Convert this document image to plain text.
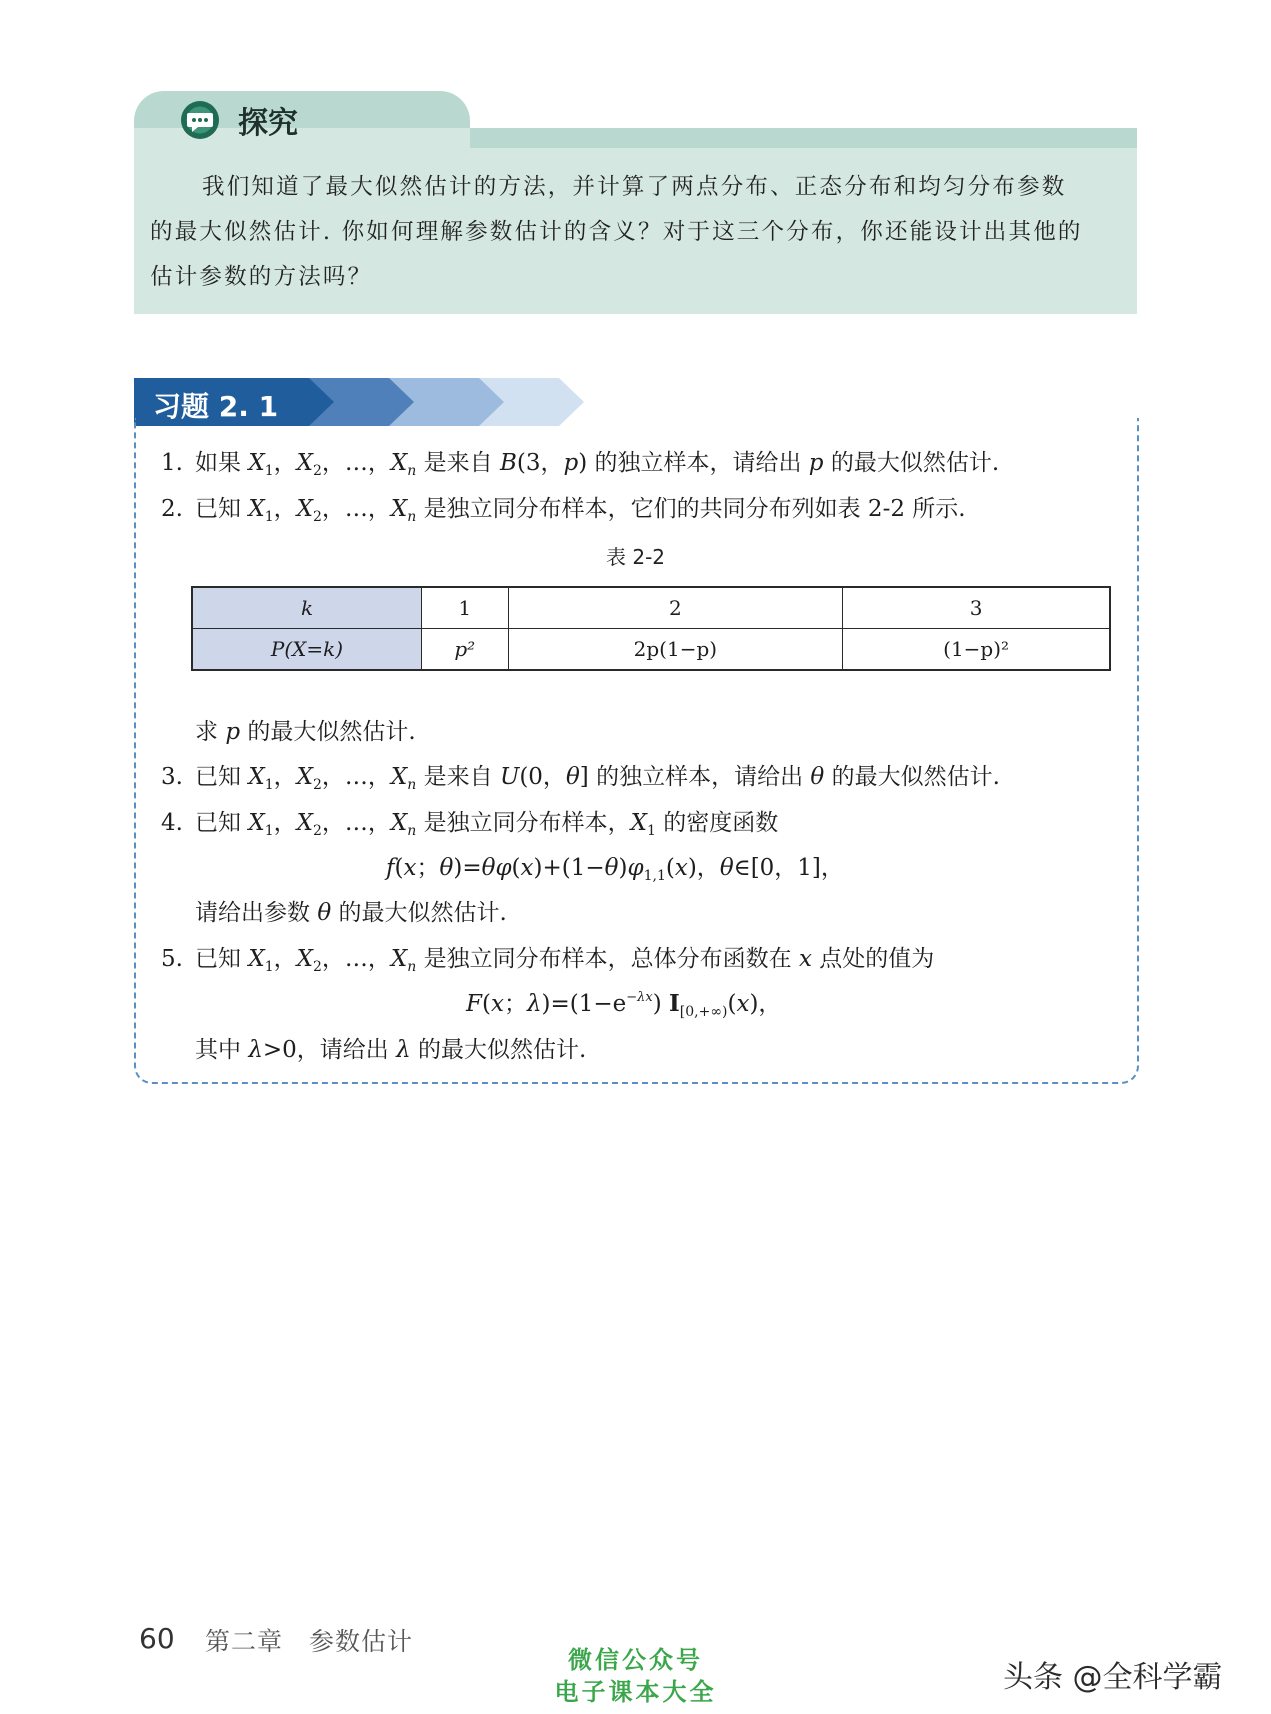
探究
我们知道了最大似然估计的方法，并计算了两点分布、正态分布和均匀分布参数
的最大似然估计. 你如何理解参数估计的含义？对于这三个分布，你还能设计出其他的
估计参数的方法吗？
习题 2. 1
1. 如果 $X_1$，$X_2$，…，$X_n$ 是来自 B(3，p) 的独立样本，请给出 p 的最大似然估计.
2. 已知 $X_1$，$X_2$，…，$X_n$ 是独立同分布样本，它们的共同分布列如表 2-2 所示.
表 2-2
k	1	2	3
P(X=k)	p²	2p(1−p)	(1−p)²
求 p 的最大似然估计.
3. 已知 $X_1$，$X_2$，…，$X_n$ 是来自 U(0，θ] 的独立样本，请给出 θ 的最大似然估计.
4. 已知 $X_1$，$X_2$，…，$X_n$ 是独立同分布样本，$X_1$ 的密度函数
f(x；$\theta)=\theta\varphi(x)+(1-\theta)\varphi_{1,1}(x)$，θ∈[0，1]，
请给出参数 θ 的最大似然估计.
5. 已知 $X_1$，$X_2$，…，$X_n$ 是独立同分布样本，总体分布函数在 x 点处的值为
F(x；$\lambda)=(1-e^{-\lambda x})$ $I_{[0,+\infty)}(x)$，
其中 λ>0，请给出 λ 的最大似然估计.
60 第二章　参数估计
微信公众号
电子课本大全	头条 @全科学霸
